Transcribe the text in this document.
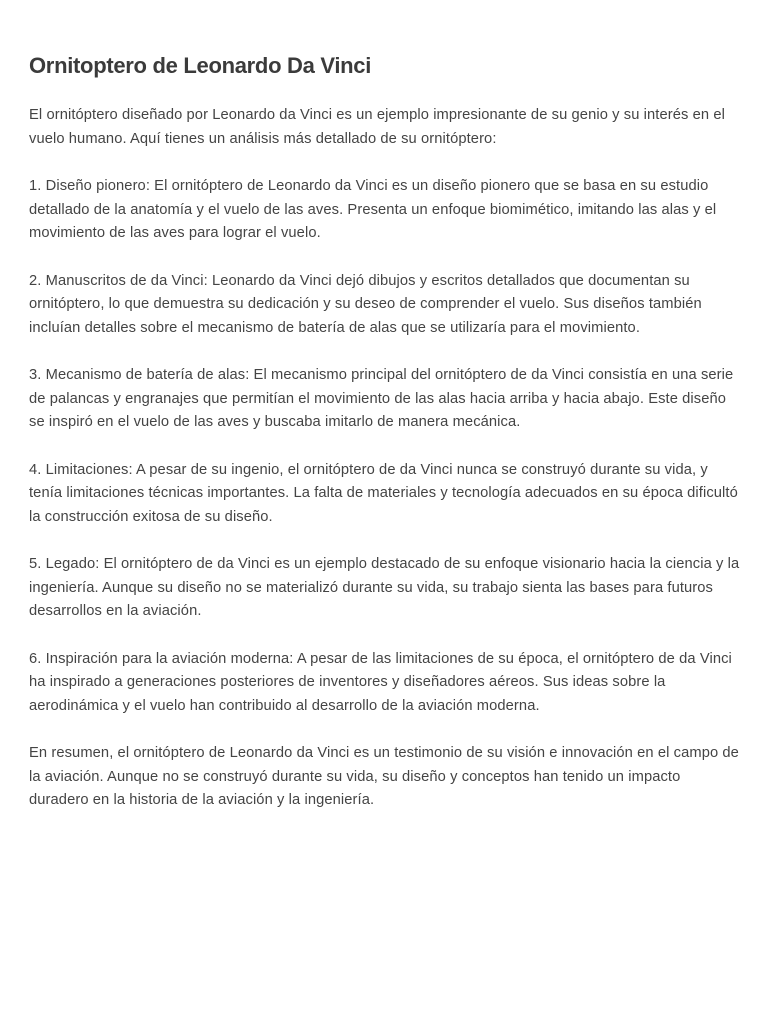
Ornitoptero de Leonardo Da Vinci

El ornitóptero diseñado por Leonardo da Vinci es un ejemplo impresionante de su genio y su interés en el vuelo humano. Aquí tienes un análisis más detallado de su ornitóptero:

1. Diseño pionero: El ornitóptero de Leonardo da Vinci es un diseño pionero que se basa en su estudio detallado de la anatomía y el vuelo de las aves. Presenta un enfoque biomimético, imitando las alas y el movimiento de las aves para lograr el vuelo.

2. Manuscritos de da Vinci: Leonardo da Vinci dejó dibujos y escritos detallados que documentan su ornitóptero, lo que demuestra su dedicación y su deseo de comprender el vuelo. Sus diseños también incluían detalles sobre el mecanismo de batería de alas que se utilizaría para el movimiento.

3. Mecanismo de batería de alas: El mecanismo principal del ornitóptero de da Vinci consistía en una serie de palancas y engranajes que permitían el movimiento de las alas hacia arriba y hacia abajo. Este diseño se inspiró en el vuelo de las aves y buscaba imitarlo de manera mecánica.

4. Limitaciones: A pesar de su ingenio, el ornitóptero de da Vinci nunca se construyó durante su vida, y tenía limitaciones técnicas importantes. La falta de materiales y tecnología adecuados en su época dificultó la construcción exitosa de su diseño.

5. Legado: El ornitóptero de da Vinci es un ejemplo destacado de su enfoque visionario hacia la ciencia y la ingeniería. Aunque su diseño no se materializó durante su vida, su trabajo sienta las bases para futuros desarrollos en la aviación.

6. Inspiración para la aviación moderna: A pesar de las limitaciones de su época, el ornitóptero de da Vinci ha inspirado a generaciones posteriores de inventores y diseñadores aéreos. Sus ideas sobre la aerodinámica y el vuelo han contribuido al desarrollo de la aviación moderna.

En resumen, el ornitóptero de Leonardo da Vinci es un testimonio de su visión e innovación en el campo de la aviación. Aunque no se construyó durante su vida, su diseño y conceptos han tenido un impacto duradero en la historia de la aviación y la ingeniería.
